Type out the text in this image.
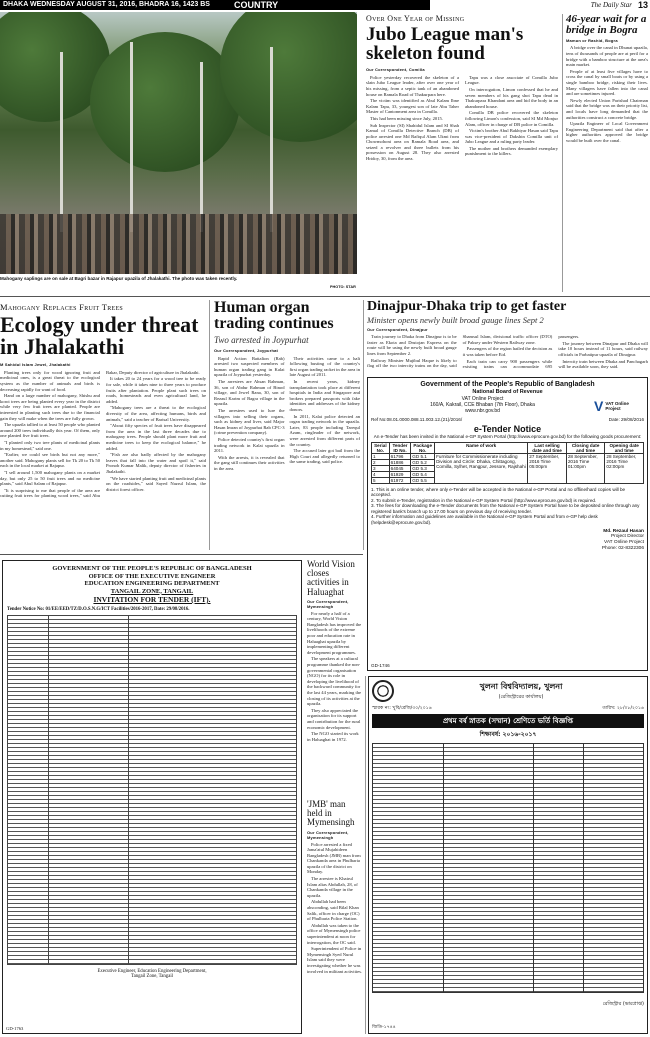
DHAKA WEDNESDAY AUGUST 31, 2016, BHADRA 16, 1423 BS	COUNTRY	The Daily Star 13
Mahogany saplings are on sale at Bagri bazar in Rajapur upazila of Jhalakathi. The photo was taken recently.
PHOTO: STAR
Over One Year of Missing
Jubo League man's skeleton found
Our Correspondent, Comilla

Police yesterday recovered the skeleton of a slain Jubo League leader, after over one year of his missing, from a septic tank of an abandoned house on Ramala Road of Thakurpara here.

The victim was identified as Abul Kalam Ibne Kalam Tapu, 33, youngest son of late Abu Taher Master of Cantonment area in Comilla.

This had been missing since July, 2015.

Sub Inspector (SI) Shahidul Islam and SI Shah Kamal of Comilla Detective Branch (DB) of police arrested one Md Rafiqul Alam Ukmi from Chowmohoni area on Ramala Road area, and seized a revolver and three bullets from his possession on August 28. They also arrested Hridoy, 30, from the area.

Tapu was a close associate of Comilla Jubo League.

On interrogation, Limon confessed that he and seven members of his gang shot Tapu dead in Thakurpara Khandani area and hid the body in an abandoned house.

Comilla DB police recovered the skeleton following Limon's confession, said SI Md Monjur Alam, officer in charge of DB police in Comilla.

Victim's brother Abul Bakhtyar Hasan said Tapu was vice-president of Dakshin Comilla unit of Jubo League and a ruling party leader.

The mother and brothers demanded exemplary punishment to the killers.

46-year wait for a bridge in Bogra
Mamun or Rashid, Bogra

A bridge over the canal in Dhunat upazila, tens of thousands of people are at peril for a bridge with a bamboo structure at the area's main market.

People of at least five villages have to cross the canal by small boats or by using a single bamboo bridge, risking their lives. Many villagers have fallen into the canal and are sometimes injured.

Newly elected Union Parishad Chairman said that the bridge was on their priority list, and locals have long demanded that the authorities construct a concrete bridge.

Upazila Engineer of Local Government Engineering Department said that after a higher authorities approved the bridge would be built over the canal.

Mahogany Replaces Fruit Trees
Ecology under threat in Jhalakathi
M Sahidul Islam Jewel, Jhalakathi

Planting trees only for wood ignoring fruit and medicinal ones, is a great threat to the ecological system as the number of animals and birds is decreasing rapidly for want of food.

Hand on a large number of mahogany, Shishu and koroi trees are being planted every year in the district while very few fruit trees are planted. People are interested in planting such trees due to the financial gain they will make when the trees are fully grown.

The upazila tallied to at least 50 people who planted around 200 trees individually this year. Of them, only one planted five fruit trees.

"I planted only two tree plants of medicinal plants in my homestead," said one.

"Earlier, we could see birds but not any more," another said. Mahogany plants sell for Tk 20 to Tk 50 each in the local market at Rajapur.

"I sell around 1,500 mahogany plants on a market day, but only 25 to 50 fruit trees and no medicine plants," said Abul Salam of Rajapur.

"It is surprising to me that people of the area are cutting fruit trees for planting wood trees," said Abu Bakar, Deputy director of agriculture in Jhalakathi.

It takes 20 to 24 years for a wood tree to be ready for sale, while it takes nine to three years to produce fruits after plantation. People plant such trees on roads, homesteads and even agricultural land, he added.

"Mahogany trees are a threat to the ecological diversity of the area, affecting humans, birds and animals," said a teacher of Barisal University.

"About fifty species of fruit trees have disappeared from the area in the last three decades due to mahogany trees. People should plant more fruit and medicine trees to keep the ecological balance," he added.

"Fish are also badly affected by the mahogany leaves that fall into the water and spoil it," said Pronob Kumar Malik, deputy director of fisheries in Jhalakathi.

"We have started planting fruit and medicinal plants on the roadsides," said Sayed Nazrul Islam, the district forest officer.

Human organ trading continues
Two arrested in Joypurhat
Our Correspondent, Joypurhat

Rapid Action Battalion (Rab) arrested two suspected members of human organ trading gang in Kalai upazila of Joypurhat yesterday.

The arrestees are Ahsan Rahman, 36, son of Abdur Rahman of Binod village, and Jewel Rana, 30, son of Rezaul Karim of Bagra village in the upazila.

The arrestees used to lure the villagers into selling their organs, such as kidney and liver, said Major Hasan Imran of Joypurhat Rab CPC-3 (crime prevention company).

Police detected country's first organ trading network in Kalai upazila in 2011.

With the arrests, it is revealed that the gang still continues their activities in the area.

Their activities came to a halt following busting of the country's first organ trading racket in the area in late August of 2011.

In recent years, kidney transplantation took place at different hospitals in India and Singapore and brokers prepared passports with fake identities and addresses of the kidney donors.

In 2011, Kalai police detected an organ trading network in the upazila. Later, 83 people including Tarequl Azam, ringleader of the network, were arrested from different parts of the country.

The accused later got bail from the High Court and allegedly returned to the same trading, said police.

Dinajpur-Dhaka trip to get faster
Minister opens newly built broad gauge lines Sept 2
Our Correspondent, Dinajpur

Train journey to Dhaka from Dinajpur is to be faster as Ekota and Drutojan Express on the route will be using the newly built broad gauge lines from September 2.

Railway Minister Mujibul Haque is likely to flag off the two intercity trains on the day, said Shamsul Islam, divisional traffic officer (DTO) of Paksey under Western Railway zone.

Passengers of the region hailed the decision as it was taken before Eid.

Each train can carry 900 passengers while existing trains can accommodate 695 passengers.

The journey between Dinajpur and Dhaka will take 10 hours instead of 11 hours, said railway officials in Parbatipur upazila of Dinajpur.

Intercity train between Dhaka and Panchagarh will be available soon, they said.

Government of the People's Republic of Bangladesh
National Board of Revenue
VAT Online Project
160/A, Kakrail, CCE Bhaban (7th Floor), Dhaka
www.nbr.gov.bd	V VAT Online Project
Ref No:08.01.0000.088.11.003.12.(21)/2016/	Date: 29/08/2016
e-Tender Notice
An e-Tender has been invited in the National e-GP System Portal (http://www.eprocure.gov.bd) for the following goods procurement:
Serial No.	Tender ID No.	Package No.	Name of work	Last selling date and time	Closing date and time	Opening date and time
1	61796	GD 5.1	Furniture for Commissionerate including Division and Circle: Dhaka, Chittagong, Comilla, Sylhet, Rangpur, Jessore, Rajshahi	27 September, 2016 Time 05:00pm	28 September, 2016 Time 01:00pm	28 September, 2016 Time 02:00pm
2	61886	GD 5.2				
3	64045	GD 5.3				
4	61929	GD 5.4				
5	61972	GD 5.5				
1. This is an online tender, where only e-Tender will be accepted in the National e-GP Portal and no offline/hard copies will be accepted.
2. To submit e-Tender, registration in the National e-GP System Portal (http://www.eprocure.gov.bd) is required.
3. The fees for downloading the e-Tender documents from the National e-GP System Portal have to be deposited online through any registered bank's branch up to 17.00 hours on previous day of receiving tender.
4. Further information and guidelines are available in the National e-GP System Portal and from e-GP help desk (helpdesk@eprocure.gov.bd).
Md. Rezaul Hasan
Project Director
VAT Online Project
Phone: 02-8322306
GD-1746
GOVERNMENT OF THE PEOPLE'S REPUBLIC OF BANGLADESH
OFFICE OF THE EXECUTIVE ENGINEER
EDUCATION ENGINEERING DEPARTMENT
TANGAIL ZONE, TANGAIL
INVITATION FOR TENDER (IFT).
Tender Notice No: 01/EE/EED/TZ/D.O.S.N.G/ICT Facilities/2016-2017, Date: 29/08/2016.
Executive Engineer, Education Engineering Department, Tangail Zone, Tangail
GD-1763
World Vision closes activities in Haluaghat
Our Correspondent, Mymensingh

For nearly a half of a century, World Vision Bangladesh has improved the livelihoods of the extreme poor and education rate in Haluaghat upazila by implementing different development programmes.

The speakers at a cultural programme thanked the non-governmental organisation (NGO) for its role in developing the livelihood of the backward community for the last 44 years, marking the closing of its activities at the upazila.

They also appreciated the organisation for its support and contribution for the rural economic development.

The NGO started its work in Haluaghat in 1972.

'JMB' man held in Mymensingh
Our Correspondent, Mymensingh

Police arrested a fixed Jama'atul Mujahideen Bangladesh (JMB) man from Chankanda area in Phulbaria upazila of the district on Monday.

The arrestee is Khairul Islam alias Abdullah, 28, of Chankanda village in the upazila.

Abdullah had been absconding, said Bilal Khan Salik, officer in charge (OC) of Phulbaria Police Station.

Abdullah was taken to the office of Mymensingh police superintendent at noon for interrogation, the OC said.

Superintendent of Police in Mymensingh Syed Nurul Islam said they were investigating whether he was involved in militant activities.

খুলনা বিশ্ববিদ্যালয়, খুলনা
(রেজিস্ট্রারের কার্যালয়)
স্মারক নং: খুবি/রেজি/৩০/২০১৬	তারিখ: ২৮/০৮/২০১৬
প্রথম বর্ষ স্নাতক (সম্মান) শ্রেণিতে ভর্তি বিজ্ঞপ্তি
শিক্ষাবর্ষ: ২০১৬-২০১৭
রেজিস্ট্রার (ভারপ্রাপ্ত)
জিডি-১৭৪৪
